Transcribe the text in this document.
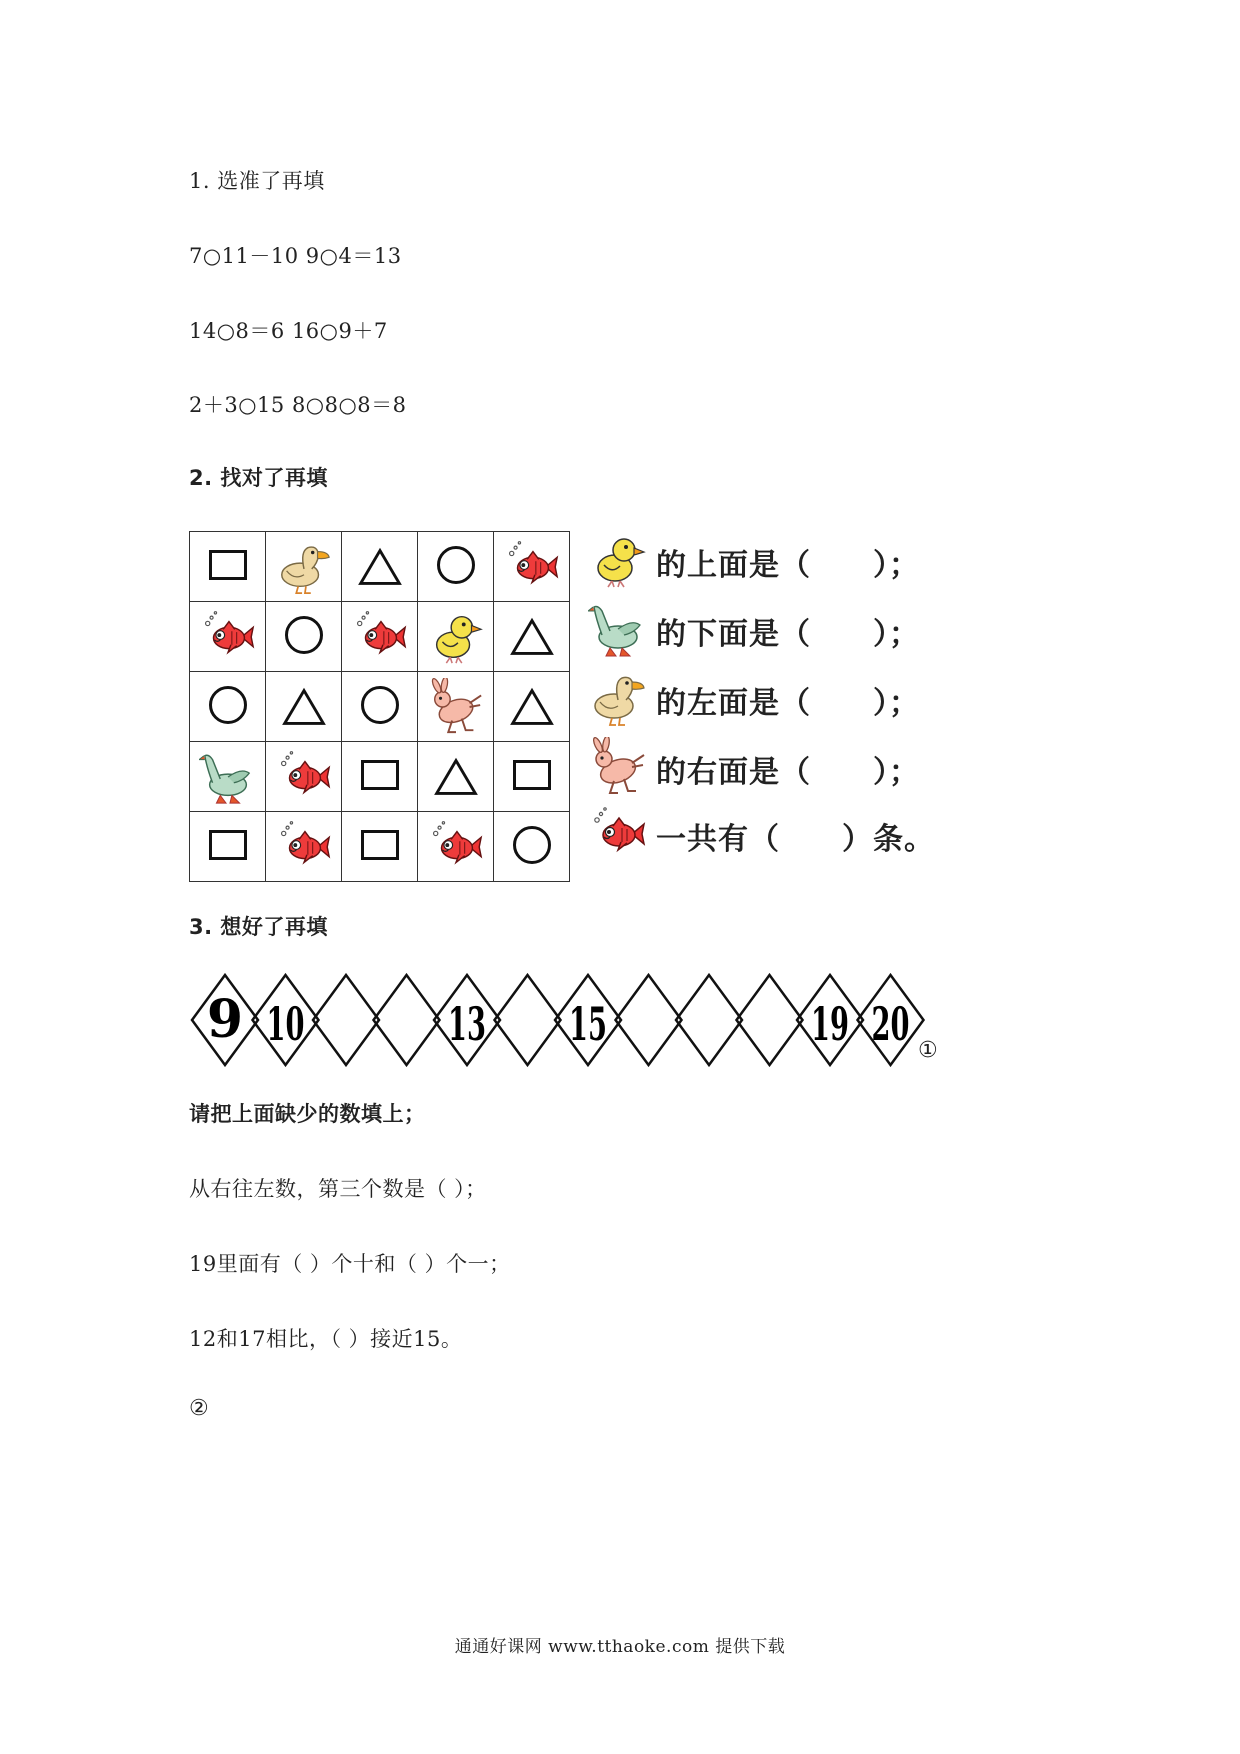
1. 选准了再填
7○11－10 9○4＝13
14○8＝6 16○9＋7
2＋3○15 8○8○8＝8
2. 找对了再填

的上面是（ ）；
的下面是（ ）；
的左面是（ ）；
的右面是（ ）；
一共有（ ）条。
3. 想好了再填
9 10	13 15	19 20 ①
请把上面缺少的数填上；
从右往左数，第三个数是（ ）；
19里面有（ ）个十和（ ）个一；
12和17相比，（ ）接近15。
②
通通好课网 www.tthaoke.com 提供下载
